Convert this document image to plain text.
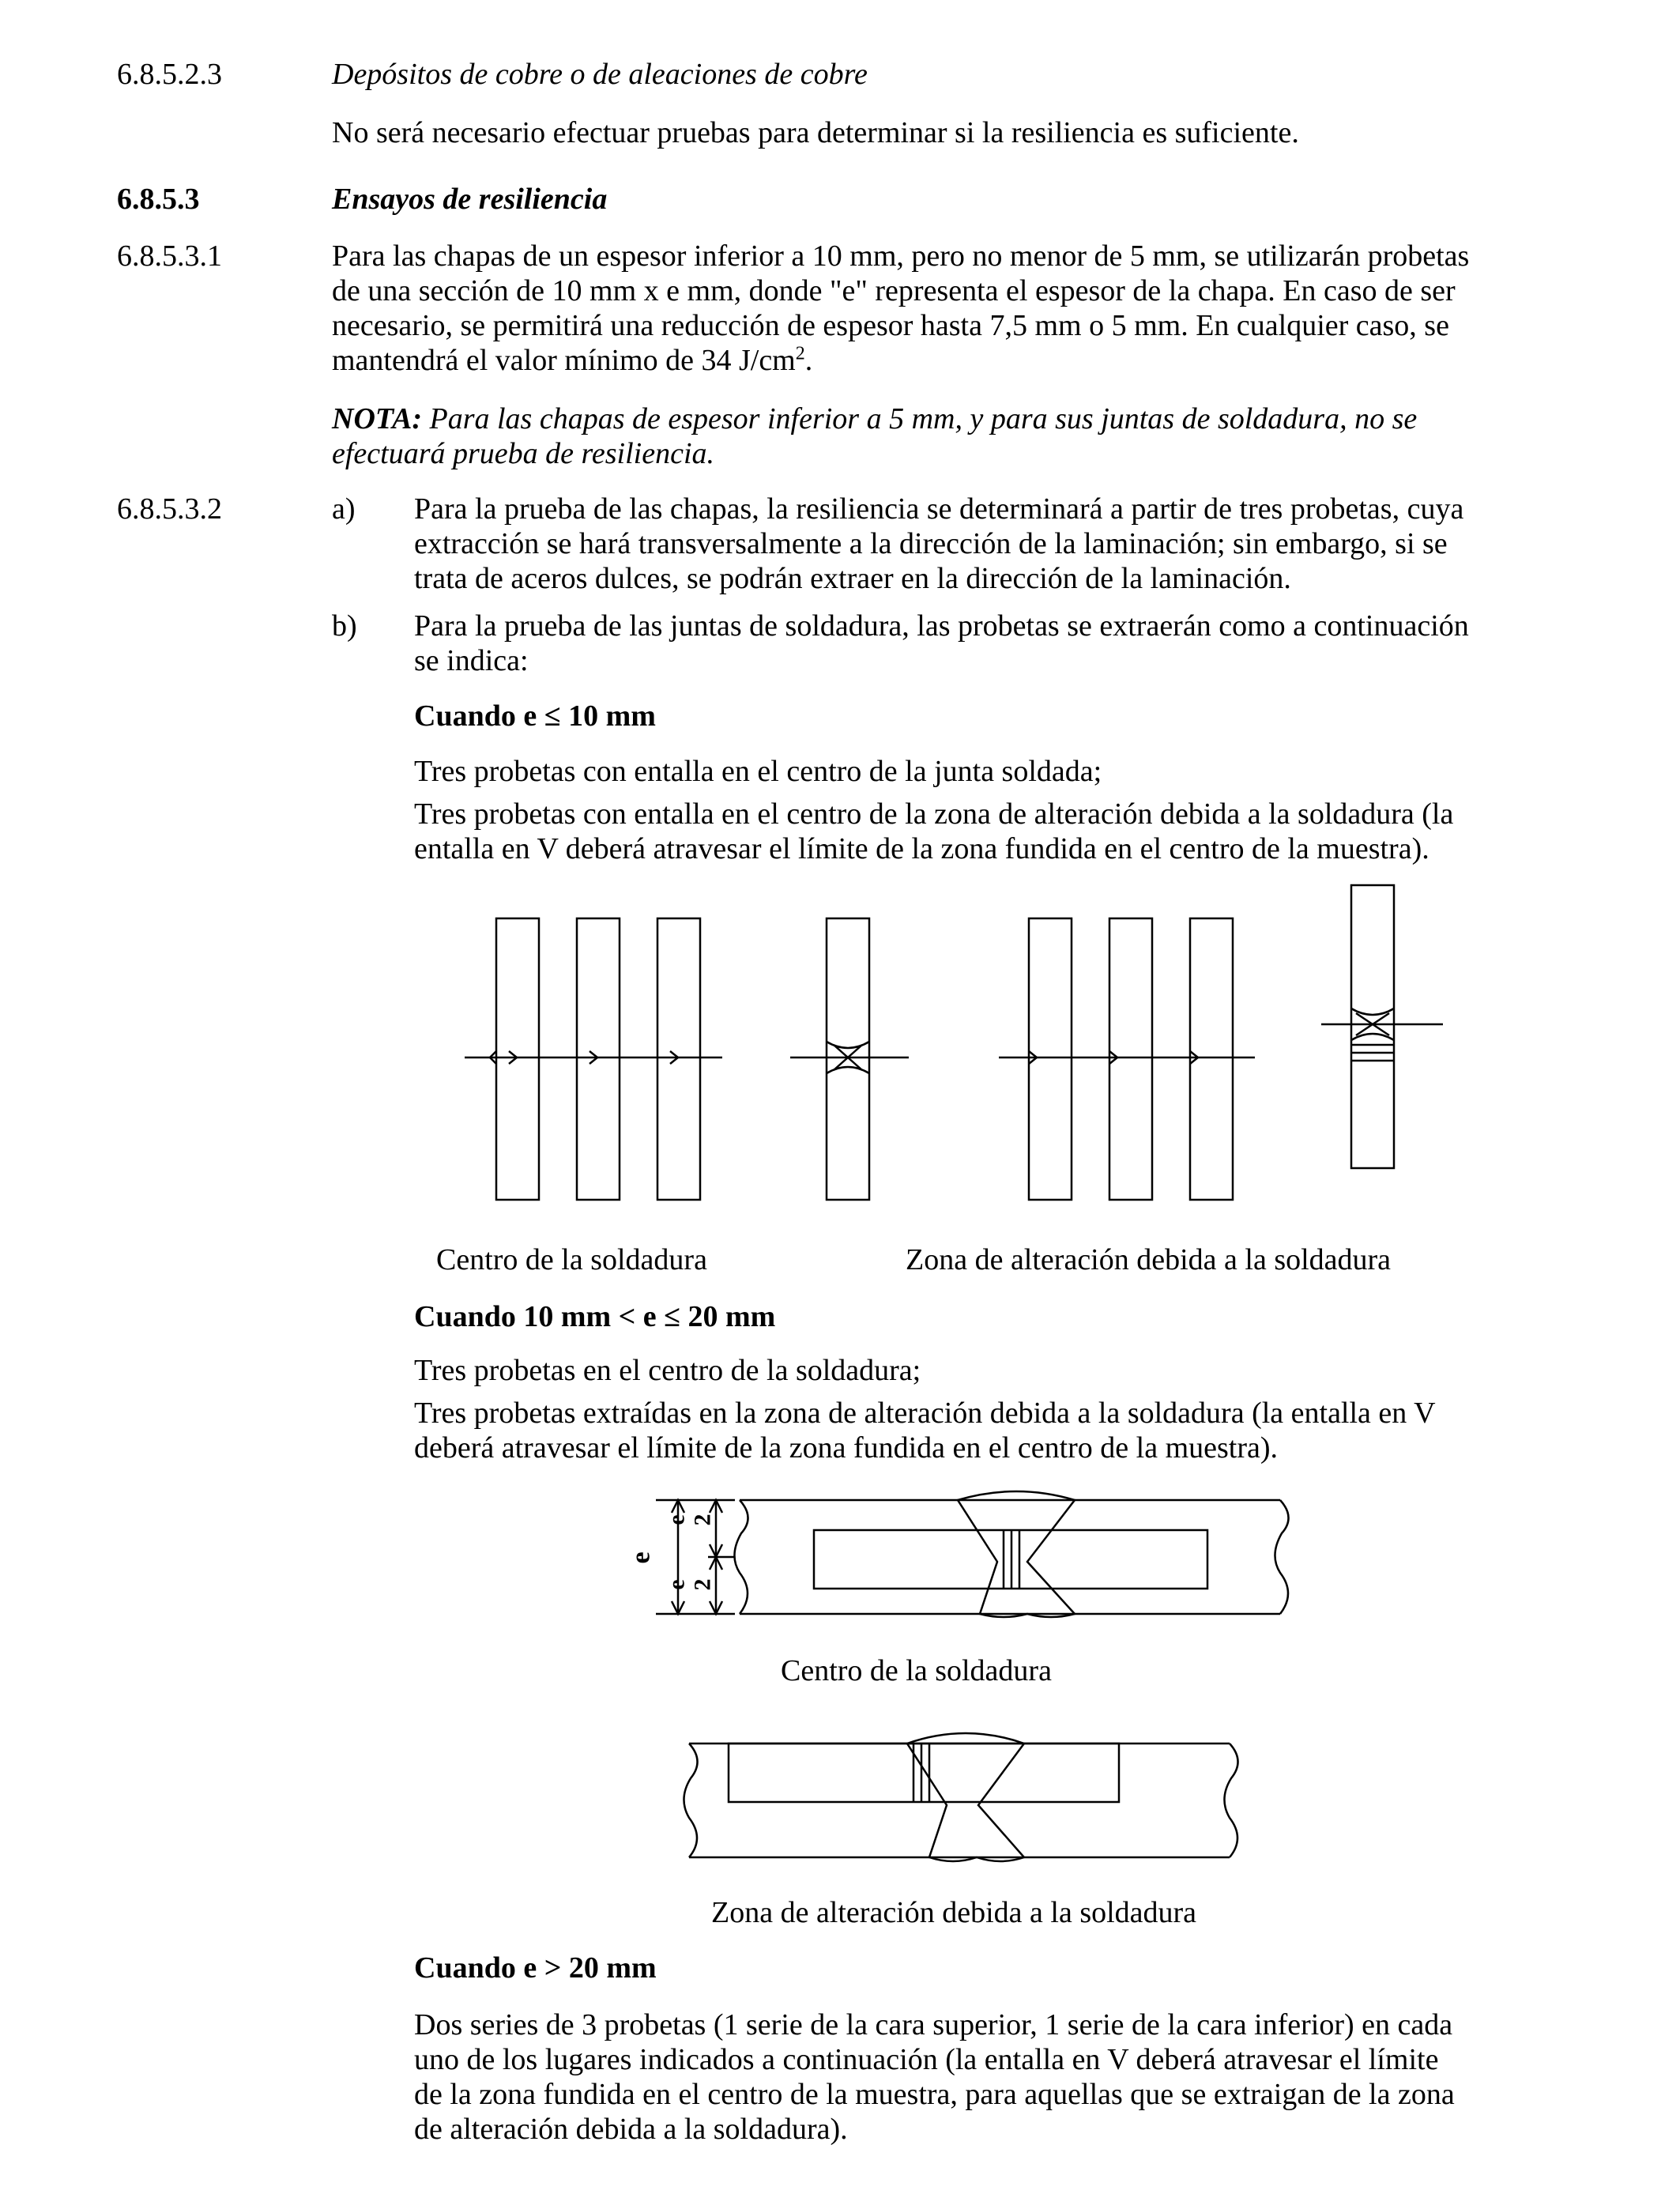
6.8.5.2.3	Depósitos de cobre o de aleaciones de cobre
No será necesario efectuar pruebas para determinar si la resiliencia es suficiente.
6.8.5.3	Ensayos de resiliencia
6.8.5.3.1	Para las chapas de un espesor inferior a 10 mm, pero no menor de 5 mm, se utilizarán probetas
de una sección de 10 mm x e mm, donde "e" representa el espesor de la chapa. En caso de ser
necesario, se permitirá una reducción de espesor hasta 7,5 mm o 5 mm. En cualquier caso, se
mantendrá el valor mínimo de 34 $J/cm^2$.
NOTA: Para las chapas de espesor inferior a 5 mm, y para sus juntas de soldadura, no se
efectuará prueba de resiliencia.
6.8.5.3.2	a) Para la prueba de las chapas, la resiliencia se determinará a partir de tres probetas, cuya
extracción se hará transversalmente a la dirección de la laminación; sin embargo, si se
trata de aceros dulces, se podrán extraer en la dirección de la laminación.
b) Para la prueba de las juntas de soldadura, las probetas se extraerán como a continuación
se indica:
Cuando e ≤ 10 mm
Tres probetas con entalla en el centro de la junta soldada;
Tres probetas con entalla en el centro de la zona de alteración debida a la soldadura (la
entalla en V deberá atravesar el límite de la zona fundida en el centro de la muestra).
Centro de la soldadura	Zona de alteración debida a la soldadura
Cuando 10 mm < e ≤ 20 mm
Tres probetas en el centro de la soldadura;
Tres probetas extraídas en la zona de alteración debida a la soldadura (la entalla en V
deberá atravesar el límite de la zona fundida en el centro de la muestra).
e
e 2
e 2
Centro de la soldadura
Zona de alteración debida a la soldadura
Cuando e > 20 mm
Dos series de 3 probetas (1 serie de la cara superior, 1 serie de la cara inferior) en cada
uno de los lugares indicados a continuación (la entalla en V deberá atravesar el límite
de la zona fundida en el centro de la muestra, para aquellas que se extraigan de la zona
de alteración debida a la soldadura).
